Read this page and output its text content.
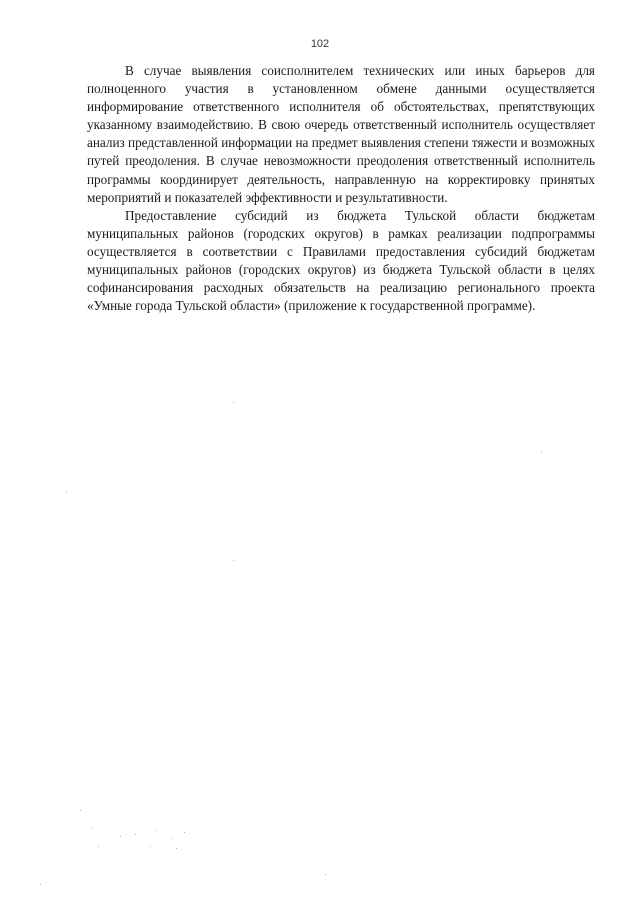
102

В случае выявления соисполнителем технических или иных барьеров для полноценного участия в установленном обмене данными осуществляется информирование ответственного исполнителя об обстоятельствах, препятствующих указанному взаимодействию. В свою очередь ответственный исполнитель осуществляет анализ представленной информации на предмет выявления степени тяжести и возможных путей преодоления. В случае невозможности преодоления ответственный исполнитель программы координирует деятельность, направленную на корректировку принятых мероприятий и показателей эффективности и результативности.

Предоставление субсидий из бюджета Тульской области бюджетам муниципальных районов (городских округов) в рамках реализации подпрограммы осуществляется в соответствии с Правилами предоставления субсидий бюджетам муниципальных районов (городских округов) из бюджета Тульской области в целях софинансирования расходных обязательств на реализацию регионального проекта «Умные города Тульской области» (приложение к государственной программе).
